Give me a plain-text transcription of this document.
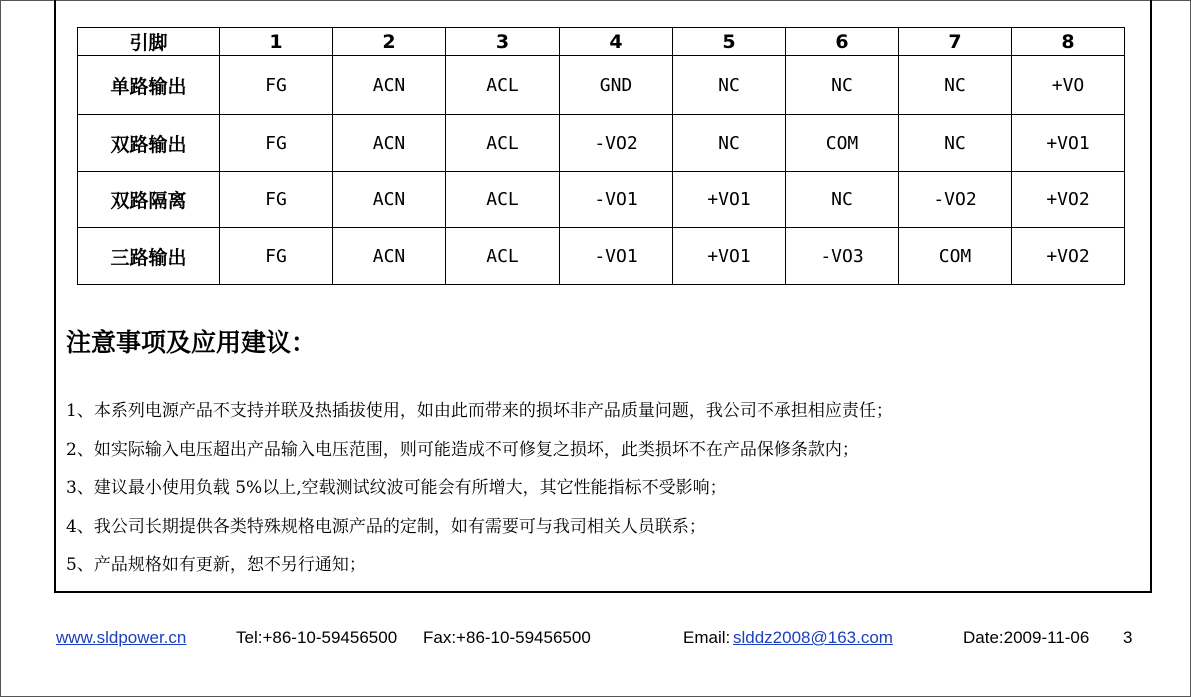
引脚	1	2	3	4	5	6	7	8
单路输出	FG	ACN	ACL	GND	NC	NC	NC	+VO
双路输出	FG	ACN	ACL	-VO2	NC	COM	NC	+VO1
双路隔离	FG	ACN	ACL	-VO1	+VO1	NC	-VO2	+VO2
三路输出	FG	ACN	ACL	-VO1	+VO1	-VO3	COM	+VO2
注意事项及应用建议：
1、本系列电源产品不支持并联及热插拔使用，如由此而带来的损坏非产品质量问题，我公司不承担相应责任；
2、如实际输入电压超出产品输入电压范围，则可能造成不可修复之损坏，此类损坏不在产品保修条款内；
3、建议最小使用负载 5%以上,空载测试纹波可能会有所增大，其它性能指标不受影响；
4、我公司长期提供各类特殊规格电源产品的定制，如有需要可与我司相关人员联系；
5、产品规格如有更新，恕不另行通知；
www.sldpower.cn	Tel:+86-10-59456500 Fax:+86-10-59456500	Email: slddz2008@163.com	Date:2009-11-06 3
